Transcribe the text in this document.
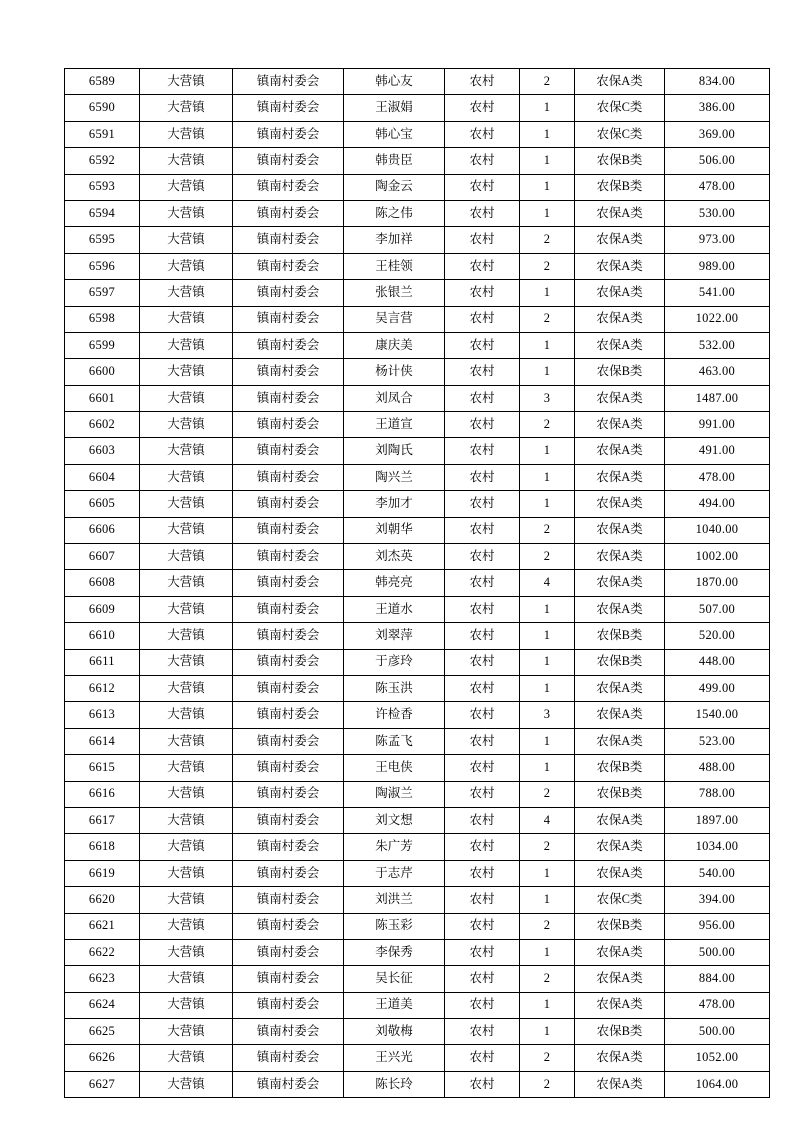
6589	大营镇	镇南村委会	韩心友	农村	2	农保A类	834.00
6590	大营镇	镇南村委会	王淑娟	农村	1	农保C类	386.00
6591	大营镇	镇南村委会	韩心宝	农村	1	农保C类	369.00
6592	大营镇	镇南村委会	韩贵臣	农村	1	农保B类	506.00
6593	大营镇	镇南村委会	陶金云	农村	1	农保B类	478.00
6594	大营镇	镇南村委会	陈之伟	农村	1	农保A类	530.00
6595	大营镇	镇南村委会	李加祥	农村	2	农保A类	973.00
6596	大营镇	镇南村委会	王桂领	农村	2	农保A类	989.00
6597	大营镇	镇南村委会	张银兰	农村	1	农保A类	541.00
6598	大营镇	镇南村委会	吴言营	农村	2	农保A类	1022.00
6599	大营镇	镇南村委会	康庆美	农村	1	农保A类	532.00
6600	大营镇	镇南村委会	杨计侠	农村	1	农保B类	463.00
6601	大营镇	镇南村委会	刘凤合	农村	3	农保A类	1487.00
6602	大营镇	镇南村委会	王道宣	农村	2	农保A类	991.00
6603	大营镇	镇南村委会	刘陶氏	农村	1	农保A类	491.00
6604	大营镇	镇南村委会	陶兴兰	农村	1	农保A类	478.00
6605	大营镇	镇南村委会	李加才	农村	1	农保A类	494.00
6606	大营镇	镇南村委会	刘朝华	农村	2	农保A类	1040.00
6607	大营镇	镇南村委会	刘杰英	农村	2	农保A类	1002.00
6608	大营镇	镇南村委会	韩亮亮	农村	4	农保A类	1870.00
6609	大营镇	镇南村委会	王道水	农村	1	农保A类	507.00
6610	大营镇	镇南村委会	刘翠萍	农村	1	农保B类	520.00
6611	大营镇	镇南村委会	于彦玲	农村	1	农保B类	448.00
6612	大营镇	镇南村委会	陈玉洪	农村	1	农保A类	499.00
6613	大营镇	镇南村委会	许检香	农村	3	农保A类	1540.00
6614	大营镇	镇南村委会	陈孟飞	农村	1	农保A类	523.00
6615	大营镇	镇南村委会	王电侠	农村	1	农保B类	488.00
6616	大营镇	镇南村委会	陶淑兰	农村	2	农保B类	788.00
6617	大营镇	镇南村委会	刘文想	农村	4	农保A类	1897.00
6618	大营镇	镇南村委会	朱广芳	农村	2	农保A类	1034.00
6619	大营镇	镇南村委会	于志芹	农村	1	农保A类	540.00
6620	大营镇	镇南村委会	刘洪兰	农村	1	农保C类	394.00
6621	大营镇	镇南村委会	陈玉彩	农村	2	农保B类	956.00
6622	大营镇	镇南村委会	李保秀	农村	1	农保A类	500.00
6623	大营镇	镇南村委会	吴长征	农村	2	农保A类	884.00
6624	大营镇	镇南村委会	王道美	农村	1	农保A类	478.00
6625	大营镇	镇南村委会	刘敬梅	农村	1	农保B类	500.00
6626	大营镇	镇南村委会	王兴光	农村	2	农保A类	1052.00
6627	大营镇	镇南村委会	陈长玲	农村	2	农保A类	1064.00
